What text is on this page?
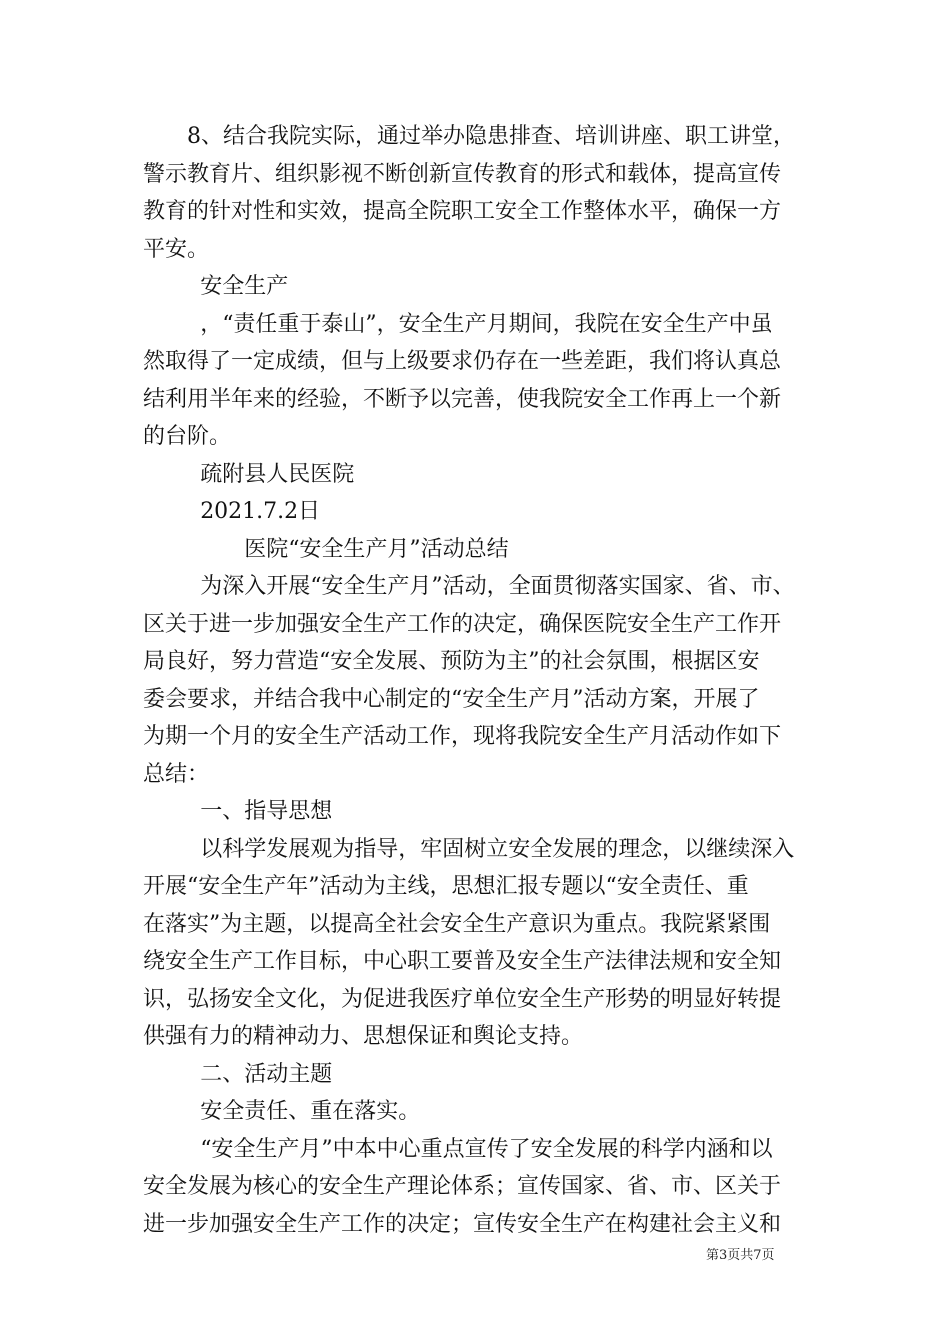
8、结合我院实际，通过举办隐患排查、培训讲座、职工讲堂，
警示教育片、组织影视不断创新宣传教育的形式和载体，提高宣传
教育的针对性和实效，提高全院职工安全工作整体水平，确保一方
平安。
安全生产
，“责任重于泰山”，安全生产月期间，我院在安全生产中虽
然取得了一定成绩，但与上级要求仍存在一些差距，我们将认真总
结利用半年来的经验，不断予以完善，使我院安全工作再上一个新
的台阶。
疏附县人民医院
2021.7.2日
医院“安全生产月”活动总结
为深入开展“安全生产月”活动，全面贯彻落实国家、省、市、
区关于进一步加强安全生产工作的决定，确保医院安全生产工作开
局良好，努力营造“安全发展、预防为主”的社会氛围，根据区安
委会要求，并结合我中心制定的“安全生产月”活动方案，开展了
为期一个月的安全生产活动工作，现将我院安全生产月活动作如下
总结：
一、指导思想
以科学发展观为指导，牢固树立安全发展的理念，以继续深入
开展“安全生产年”活动为主线，思想汇报专题以“安全责任、重
在落实”为主题，以提高全社会安全生产意识为重点。我院紧紧围
绕安全生产工作目标，中心职工要普及安全生产法律法规和安全知
识，弘扬安全文化，为促进我医疗单位安全生产形势的明显好转提
供强有力的精神动力、思想保证和舆论支持。
二、活动主题
安全责任、重在落实。
“安全生产月”中本中心重点宣传了安全发展的科学内涵和以
安全发展为核心的安全生产理论体系；宣传国家、省、市、区关于
进一步加强安全生产工作的决定；宣传安全生产在构建社会主义和
第3页共7页
